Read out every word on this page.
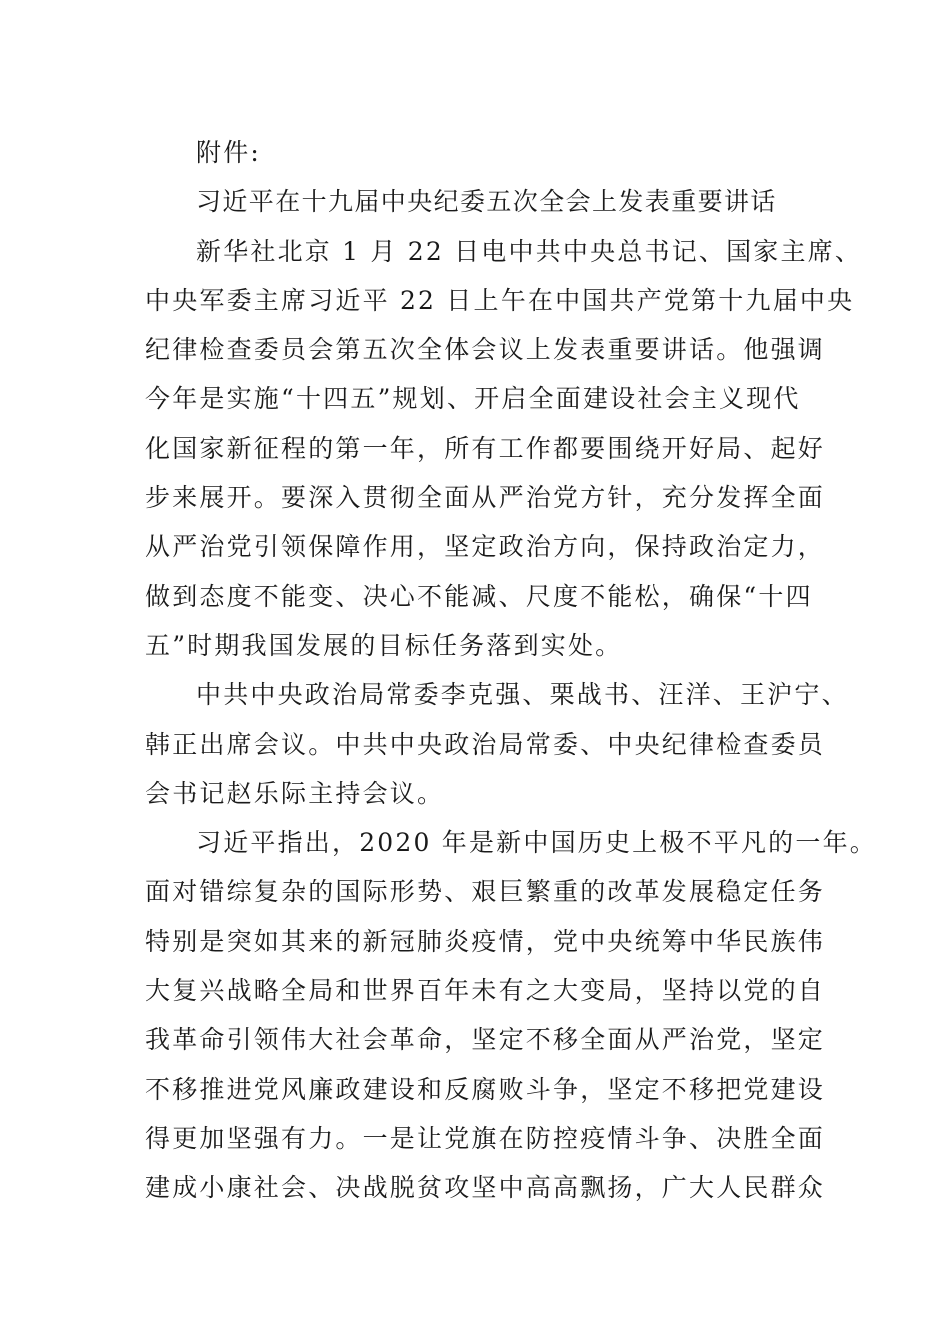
附件:
习近平在十九届中央纪委五次全会上发表重要讲话
新华社北京 1 月 22 日电中共中央总书记、国家主席、
中央军委主席习近平 22 日上午在中国共产党第十九届中央
纪律检查委员会第五次全体会议上发表重要讲话。他强调
今年是实施“十四五”规划、开启全面建设社会主义现代
化国家新征程的第一年，所有工作都要围绕开好局、起好
步来展开。要深入贯彻全面从严治党方针，充分发挥全面
从严治党引领保障作用，坚定政治方向，保持政治定力，
做到态度不能变、决心不能减、尺度不能松，确保“十四
五”时期我国发展的目标任务落到实处。
中共中央政治局常委李克强、栗战书、汪洋、王沪宁、
韩正出席会议。中共中央政治局常委、中央纪律检查委员
会书记赵乐际主持会议。
习近平指出，2020 年是新中国历史上极不平凡的一年。
面对错综复杂的国际形势、艰巨繁重的改革发展稳定任务
特别是突如其来的新冠肺炎疫情，党中央统筹中华民族伟
大复兴战略全局和世界百年未有之大变局，坚持以党的自
我革命引领伟大社会革命，坚定不移全面从严治党，坚定
不移推进党风廉政建设和反腐败斗争，坚定不移把党建设
得更加坚强有力。一是让党旗在防控疫情斗争、决胜全面
建成小康社会、决战脱贫攻坚中高高飘扬，广大人民群众
